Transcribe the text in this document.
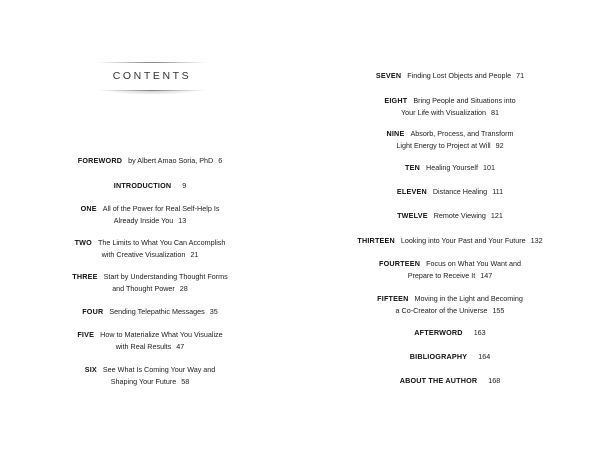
CONTENTS
FOREWORD by Albert Amao Soria, PhD 6
INTRODUCTION 9
ONE All of the Power for Real Self-Help Is
Already Inside You 13
TWO The Limits to What You Can Accomplish
with Creative Visualization 21
THREE Start by Understanding Thought Forms
and Thought Power 28
FOUR Sending Telepathic Messages 35
FIVE How to Materialize What You Visualize
with Real Results 47
SIX See What Is Coming Your Way and
Shaping Your Future 58
SEVEN Finding Lost Objects and People 71
EIGHT Bring People and Situations into
Your Life with Visualization 81
NINE Absorb, Process, and Transform
Light Energy to Project at Will 92
TEN Healing Yourself 101
ELEVEN Distance Healing 111
TWELVE Remote Viewing 121
THIRTEEN Looking into Your Past and Your Future 132
FOURTEEN Focus on What You Want and
Prepare to Receive It 147
FIFTEEN Moving in the Light and Becoming
a Co-Creator of the Universe 155
AFTERWORD 163
BIBLIOGRAPHY 164
ABOUT THE AUTHOR 168
